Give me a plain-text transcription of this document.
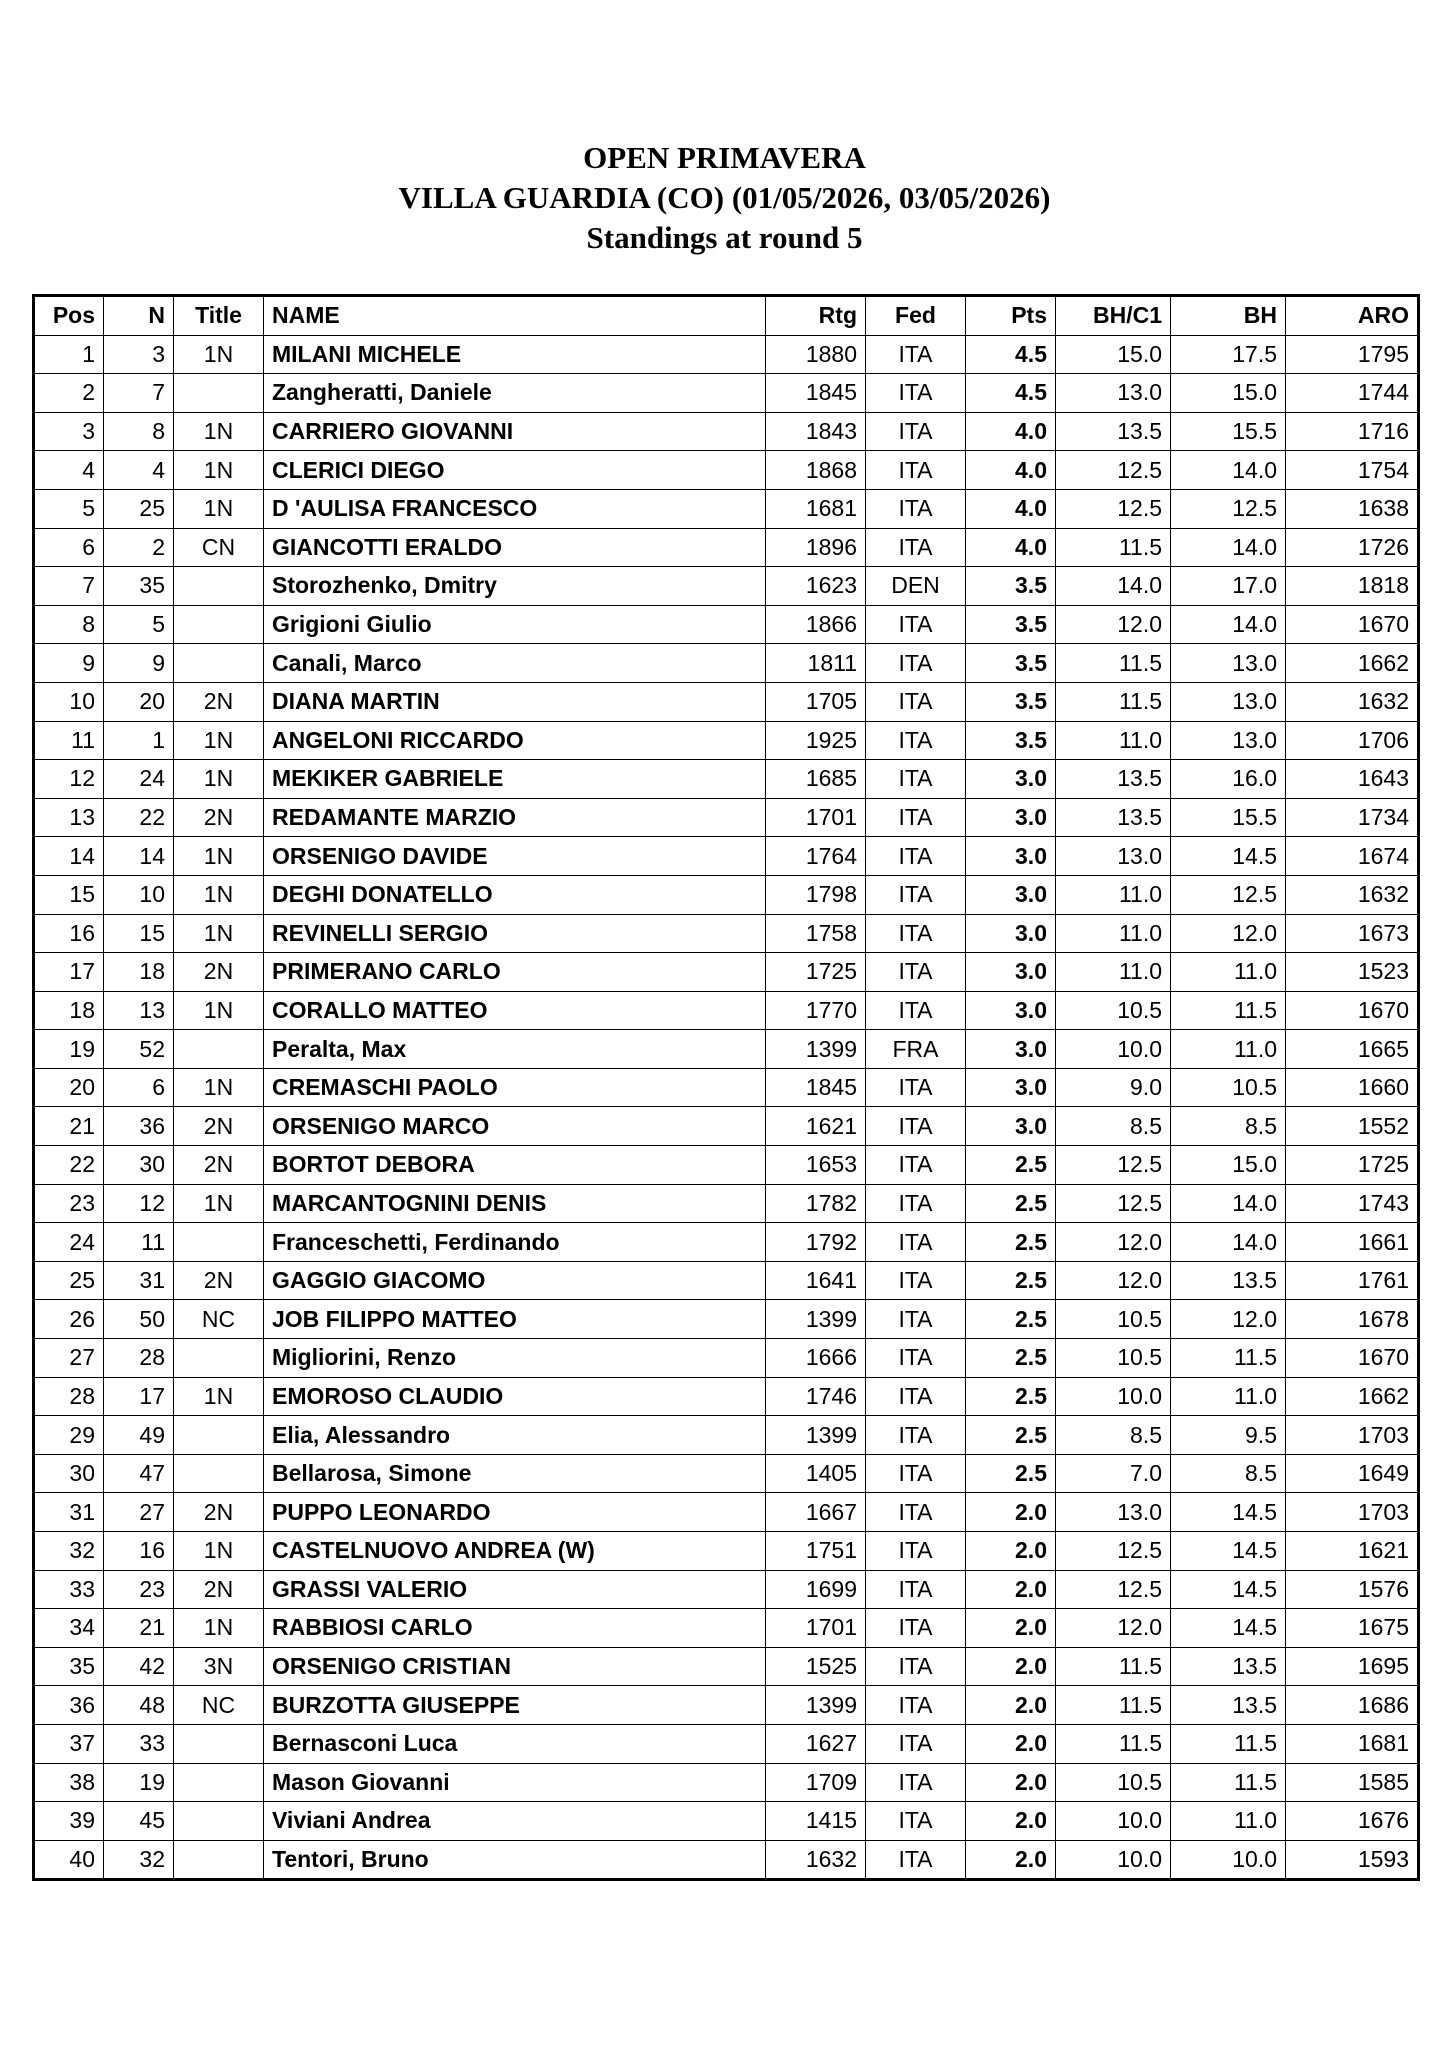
OPEN PRIMAVERA
VILLA GUARDIA (CO) (01/05/2026, 03/05/2026)
Standings at round 5
Pos	N	Title	NAME	Rtg	Fed	Pts	BH/C1	BH	ARO
1	3	1N	MILANI MICHELE	1880	ITA	4.5	15.0	17.5	1795
2	7		Zangheratti, Daniele	1845	ITA	4.5	13.0	15.0	1744
3	8	1N	CARRIERO GIOVANNI	1843	ITA	4.0	13.5	15.5	1716
4	4	1N	CLERICI DIEGO	1868	ITA	4.0	12.5	14.0	1754
5	25	1N	D 'AULISA FRANCESCO	1681	ITA	4.0	12.5	12.5	1638
6	2	CN	GIANCOTTI ERALDO	1896	ITA	4.0	11.5	14.0	1726
7	35		Storozhenko, Dmitry	1623	DEN	3.5	14.0	17.0	1818
8	5		Grigioni Giulio	1866	ITA	3.5	12.0	14.0	1670
9	9		Canali, Marco	1811	ITA	3.5	11.5	13.0	1662
10	20	2N	DIANA MARTIN	1705	ITA	3.5	11.5	13.0	1632
11	1	1N	ANGELONI RICCARDO	1925	ITA	3.5	11.0	13.0	1706
12	24	1N	MEKIKER GABRIELE	1685	ITA	3.0	13.5	16.0	1643
13	22	2N	REDAMANTE MARZIO	1701	ITA	3.0	13.5	15.5	1734
14	14	1N	ORSENIGO DAVIDE	1764	ITA	3.0	13.0	14.5	1674
15	10	1N	DEGHI DONATELLO	1798	ITA	3.0	11.0	12.5	1632
16	15	1N	REVINELLI SERGIO	1758	ITA	3.0	11.0	12.0	1673
17	18	2N	PRIMERANO CARLO	1725	ITA	3.0	11.0	11.0	1523
18	13	1N	CORALLO MATTEO	1770	ITA	3.0	10.5	11.5	1670
19	52		Peralta, Max	1399	FRA	3.0	10.0	11.0	1665
20	6	1N	CREMASCHI PAOLO	1845	ITA	3.0	9.0	10.5	1660
21	36	2N	ORSENIGO MARCO	1621	ITA	3.0	8.5	8.5	1552
22	30	2N	BORTOT DEBORA	1653	ITA	2.5	12.5	15.0	1725
23	12	1N	MARCANTOGNINI DENIS	1782	ITA	2.5	12.5	14.0	1743
24	11		Franceschetti, Ferdinando	1792	ITA	2.5	12.0	14.0	1661
25	31	2N	GAGGIO GIACOMO	1641	ITA	2.5	12.0	13.5	1761
26	50	NC	JOB FILIPPO MATTEO	1399	ITA	2.5	10.5	12.0	1678
27	28		Migliorini, Renzo	1666	ITA	2.5	10.5	11.5	1670
28	17	1N	EMOROSO CLAUDIO	1746	ITA	2.5	10.0	11.0	1662
29	49		Elia, Alessandro	1399	ITA	2.5	8.5	9.5	1703
30	47		Bellarosa, Simone	1405	ITA	2.5	7.0	8.5	1649
31	27	2N	PUPPO LEONARDO	1667	ITA	2.0	13.0	14.5	1703
32	16	1N	CASTELNUOVO ANDREA (W)	1751	ITA	2.0	12.5	14.5	1621
33	23	2N	GRASSI VALERIO	1699	ITA	2.0	12.5	14.5	1576
34	21	1N	RABBIOSI CARLO	1701	ITA	2.0	12.0	14.5	1675
35	42	3N	ORSENIGO CRISTIAN	1525	ITA	2.0	11.5	13.5	1695
36	48	NC	BURZOTTA GIUSEPPE	1399	ITA	2.0	11.5	13.5	1686
37	33		Bernasconi Luca	1627	ITA	2.0	11.5	11.5	1681
38	19		Mason Giovanni	1709	ITA	2.0	10.5	11.5	1585
39	45		Viviani Andrea	1415	ITA	2.0	10.0	11.0	1676
40	32		Tentori, Bruno	1632	ITA	2.0	10.0	10.0	1593
